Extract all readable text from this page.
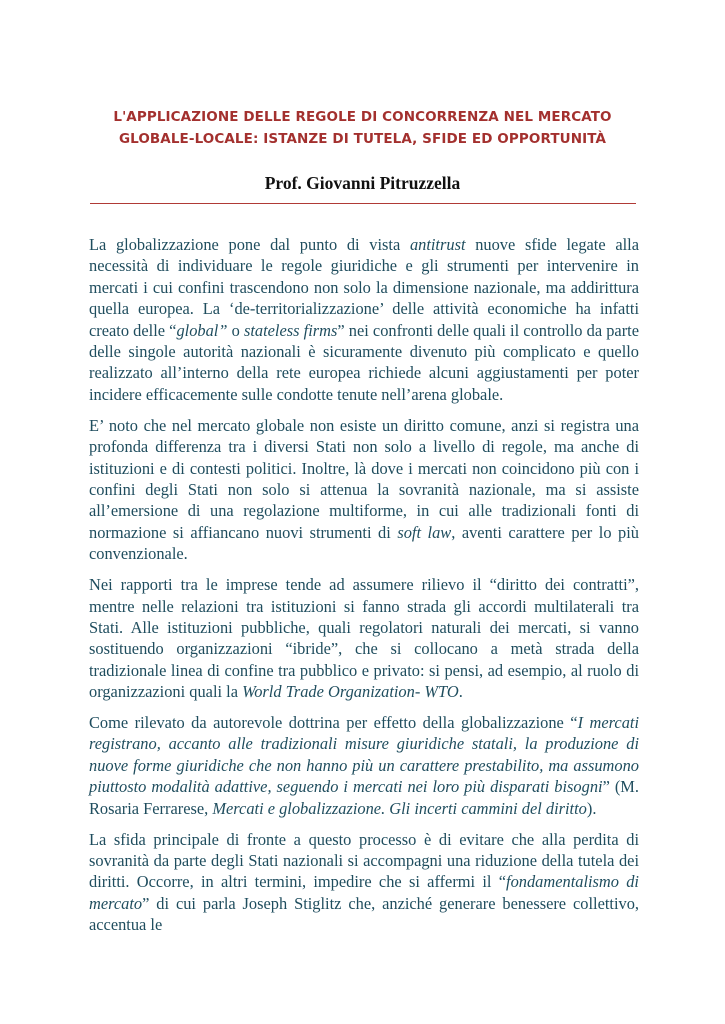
L'APPLICAZIONE DELLE REGOLE DI CONCORRENZA NEL MERCATO
GLOBALE-LOCALE: ISTANZE DI TUTELA, SFIDE ED OPPORTUNITÀ
Prof. Giovanni Pitruzzella

La globalizzazione pone dal punto di vista antitrust nuove sfide legate alla necessità di individuare le regole giuridiche e gli strumenti per intervenire in mercati i cui confini trascendono non solo la dimensione nazionale, ma addirittura quella europea. La ‘de-territorializzazione’ delle attività economiche ha infatti creato delle “global” o stateless firms” nei confronti delle quali il controllo da parte delle singole autorità nazionali è sicuramente divenuto più complicato e quello realizzato all’interno della rete europea richiede alcuni aggiustamenti per poter incidere efficacemente sulle condotte tenute nell’arena globale.

E’ noto che nel mercato globale non esiste un diritto comune, anzi si registra una profonda differenza tra i diversi Stati non solo a livello di regole, ma anche di istituzioni e di contesti politici. Inoltre, là dove i mercati non coincidono più con i confini degli Stati non solo si attenua la sovranità nazionale, ma si assiste all’emersione di una regolazione multiforme, in cui alle tradizionali fonti di normazione si affiancano nuovi strumenti di soft law, aventi carattere per lo più convenzionale.

Nei rapporti tra le imprese tende ad assumere rilievo il “diritto dei contratti”, mentre nelle relazioni tra istituzioni si fanno strada gli accordi multilaterali tra Stati. Alle istituzioni pubbliche, quali regolatori naturali dei mercati, si vanno sostituendo organizzazioni “ibride”, che si collocano a metà strada della tradizionale linea di confine tra pubblico e privato: si pensi, ad esempio, al ruolo di organizzazioni quali la World Trade Organization- WTO.

Come rilevato da autorevole dottrina per effetto della globalizzazione “I mercati registrano, accanto alle tradizionali misure giuridiche statali, la produzione di nuove forme giuridiche che non hanno più un carattere prestabilito, ma assumono piuttosto modalità adattive, seguendo i mercati nei loro più disparati bisogni” (M. Rosaria Ferrarese, Mercati e globalizzazione. Gli incerti cammini del diritto).

La sfida principale di fronte a questo processo è di evitare che alla perdita di sovranità da parte degli Stati nazionali si accompagni una riduzione della tutela dei diritti. Occorre, in altri termini, impedire che si affermi il “fondamentalismo di mercato” di cui parla Joseph Stiglitz che, anziché generare benessere collettivo, accentua le
